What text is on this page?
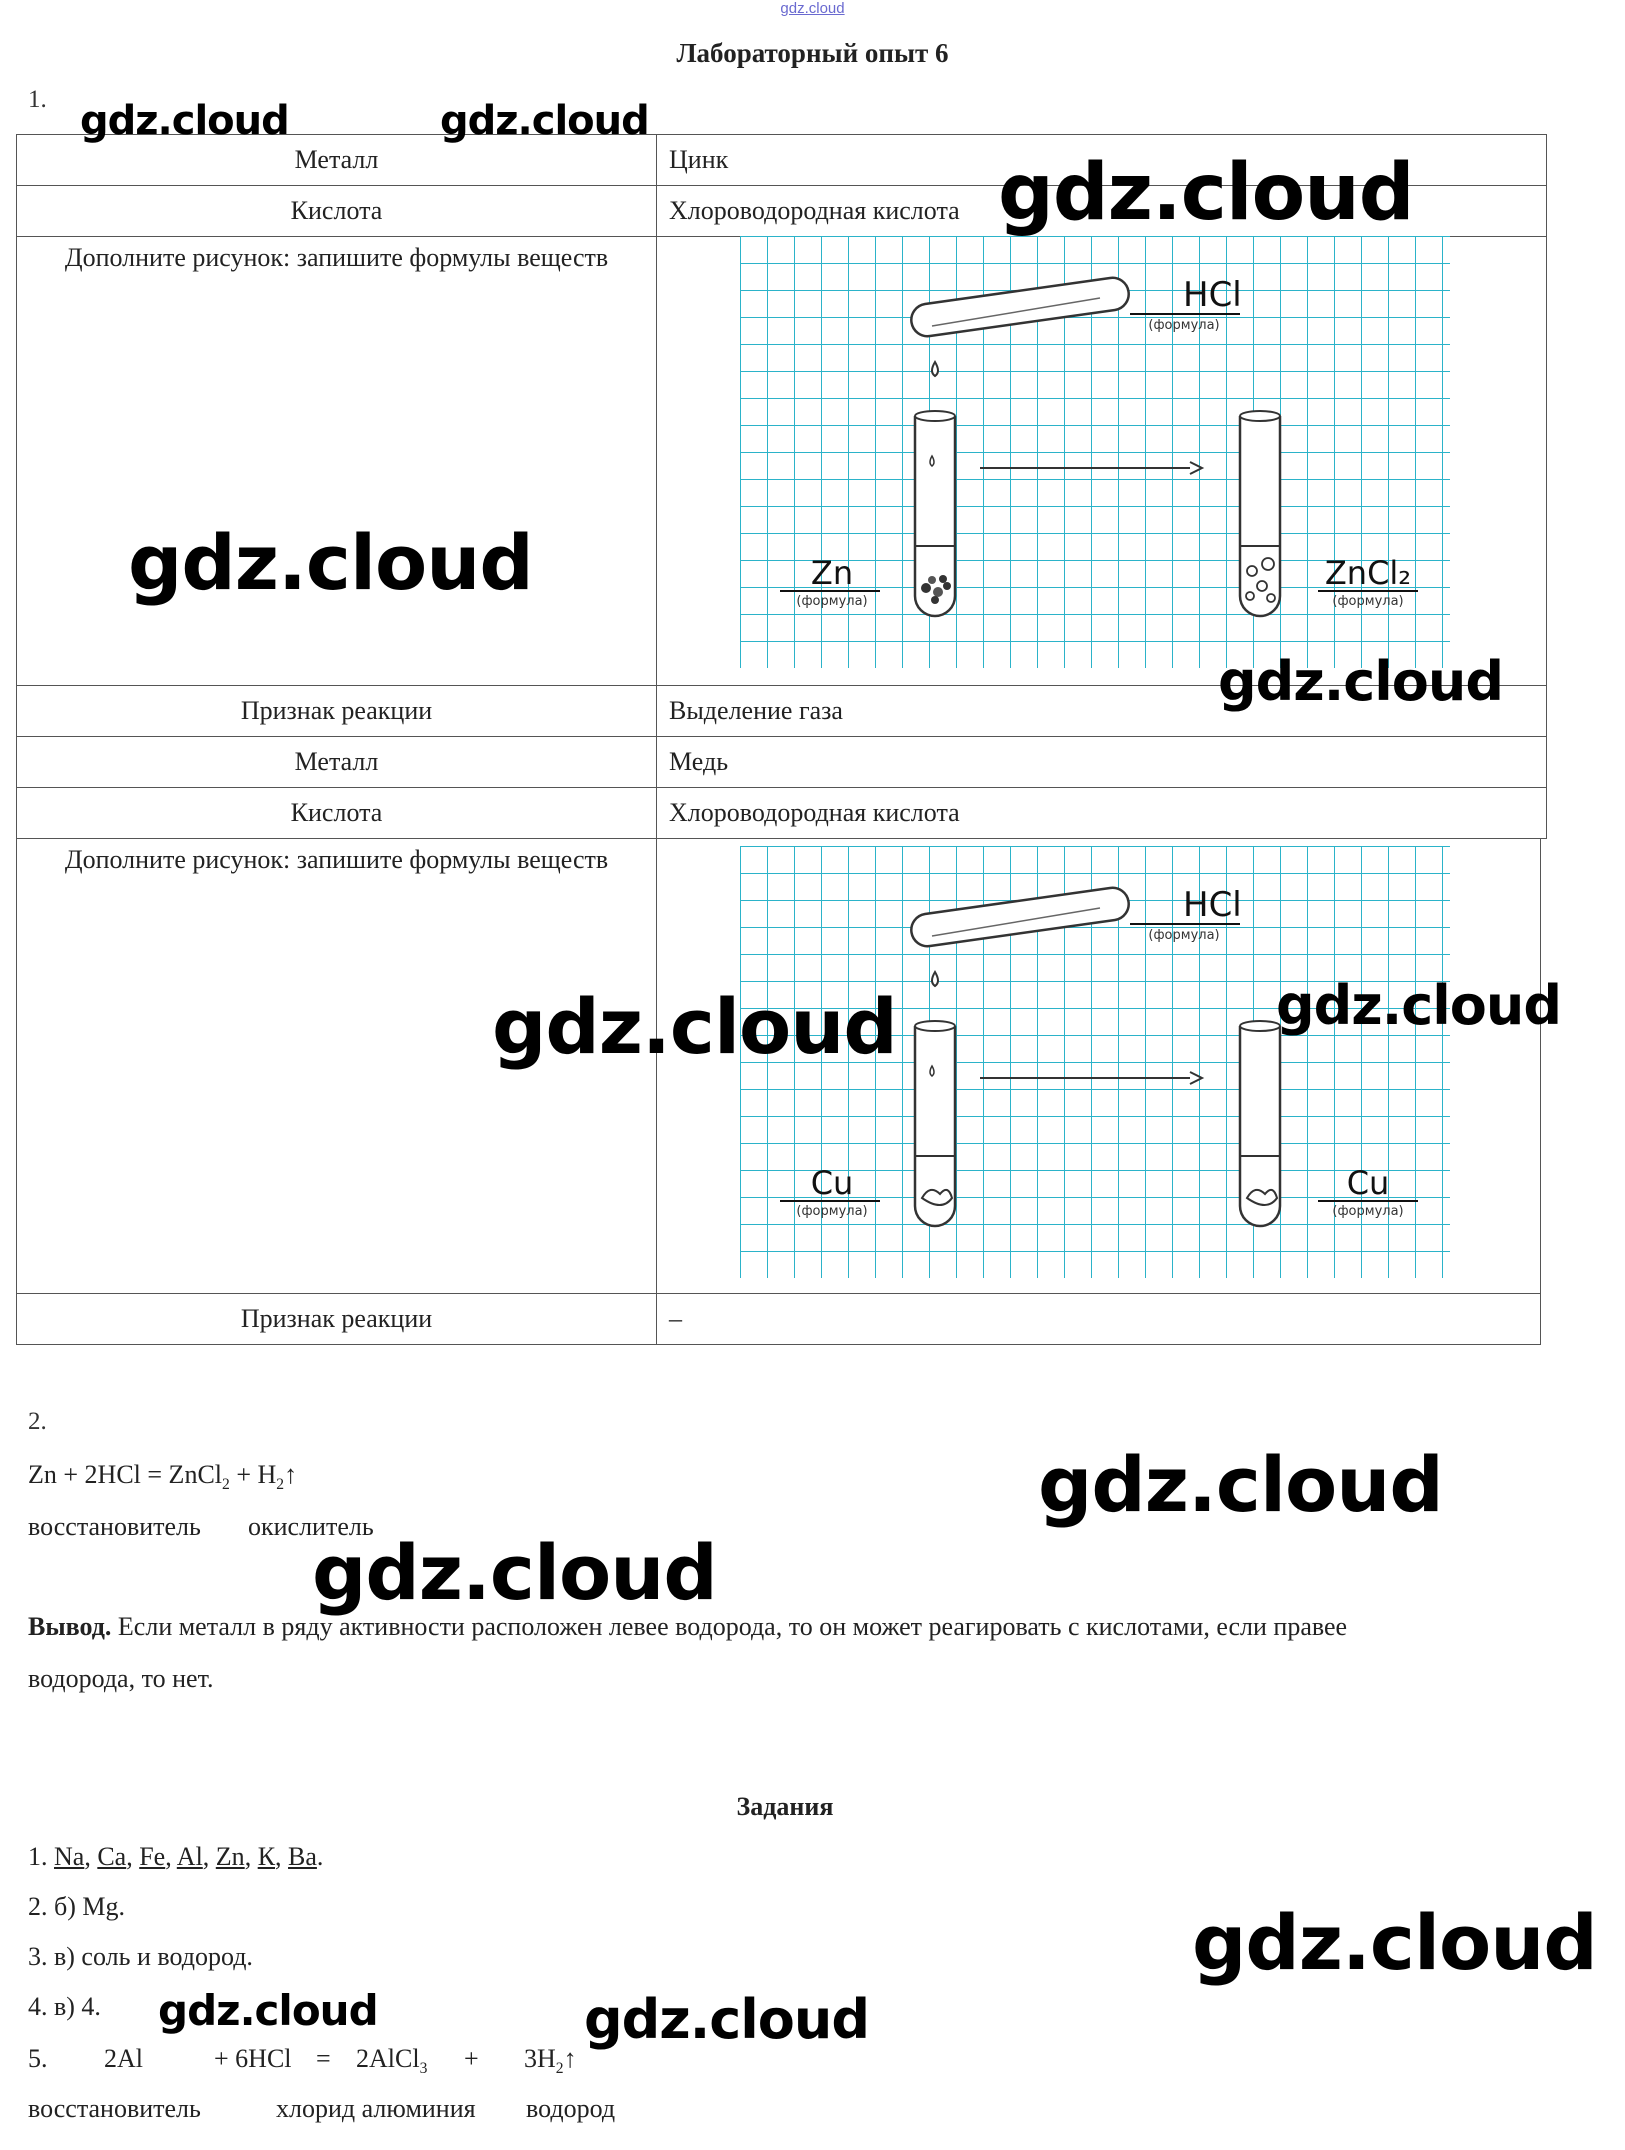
gdz.cloud
Лабораторный опыт 6
1.
Металл	Цинк
Кислота	Хлороводородная кислота
Дополните рисунок: запишите формулы веществ	
Признак реакции	Выделение газа
Металл	Медь
Кислота	Хлороводородная кислота
Дополните рисунок: запишите формулы веществ	
Признак реакции	–
HCl
(формула)
Zn
(формула)
ZnCl₂
(формула)
HCl
(формула)
Cu
(формула)
Cu
(формула)
2.
Zn + 2HCl = ZnCl$_2$ + $H_2↑$
восстановитель окислитель
Вывод. Если металл в ряду активности расположен левее водорода, то он может реагировать с кислотами, если правее
водорода, то нет.
Задания
1. Na, Ca, Fe, Al, Zn, К, Ba.
2. б) Mg.
3. в) соль и водород.
4. в) 4.
5. 2Al	+ 6HCl = 2AlCl$_3$ + $3H_2↑$
восстановитель	хлорид алюминия водород
gdz.cloud	gdz.cloud
gdz.cloud
gdz.cloud
gdz.cloud
gdz.cloud	gdz.cloud
gdz.cloud
gdz.cloud
gdz.cloud
gdz.cloud	gdz.cloud
